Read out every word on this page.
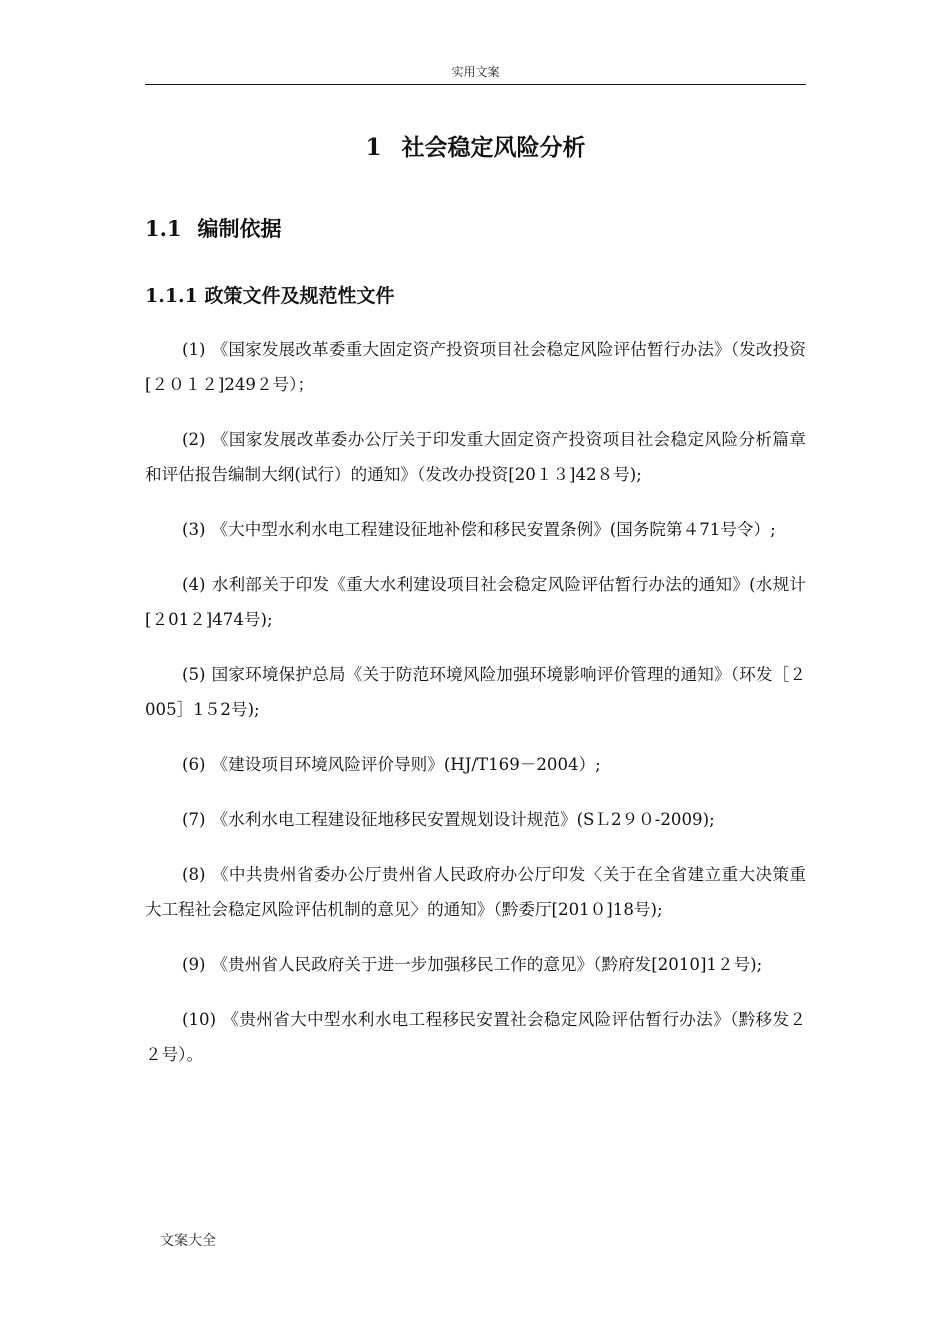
实用文案
1 社会稳定风险分析
1.1 编制依据
1.1.1 政策文件及规范性文件
(1) 《国家发展改革委重大固定资产投资项目社会稳定风险评估暂行办法》（发改投资[２０１２]249２号）；
(2) 《国家发展改革委办公厅关于印发重大固定资产投资项目社会稳定风险分析篇章和评估报告编制大纲(试行）的通知》（发改办投资[20１３]42８号);
(3) 《大中型水利水电工程建设征地补偿和移民安置条例》(国务院第４71号令）;
(4) 水利部关于印发《重大水利建设项目社会稳定风险评估暂行办法的通知》(水规计[２01２]474号);
(5) 国家环境保护总局《关于防范环境风险加强环境影响评价管理的通知》（环发［２005］1５2号);
(6) 《建设项目环境风险评价导则》(HJ/T169－2004）;
(7) 《水利水电工程建设征地移民安置规划设计规范》(SＬ2９０-2009);
(8) 《中共贵州省委办公厅贵州省人民政府办公厅印发〈关于在全省建立重大决策重大工程社会稳定风险评估机制的意见〉的通知》（黔委厅[201０]18号);
(9) 《贵州省人民政府关于进一步加强移民工作的意见》（黔府发[2010]1２号);
(10) 《贵州省大中型水利水电工程移民安置社会稳定风险评估暂行办法》（黔移发２２号）。
文案大全
